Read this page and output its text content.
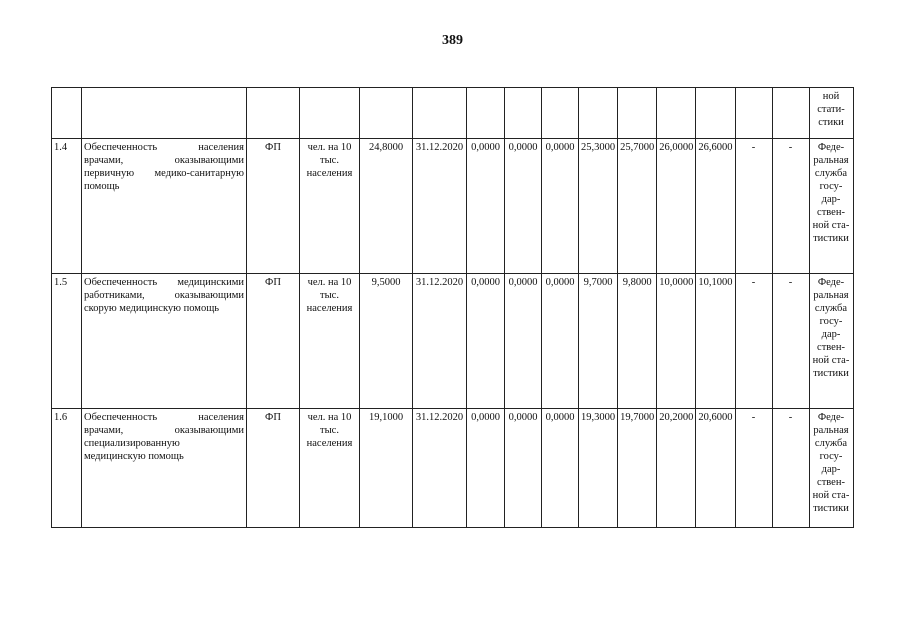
389
															ной стати-стики
1.4	Обеспеченность населения врачами, оказывающими первичную медико-санитарную помощь	ФП	чел. на 10 тыс. населения	24,8000	31.12.2020	0,0000	0,0000	0,0000	25,3000	25,7000	26,0000	26,6000	-	-	Феде-ральная служба госу-дар-ствен-ной ста-тистики
1.5	Обеспеченность медицинскими работниками, оказывающими скорую медицинскую помощь	ФП	чел. на 10 тыс. населения	9,5000	31.12.2020	0,0000	0,0000	0,0000	9,7000	9,8000	10,0000	10,1000	-	-	Феде-ральная служба госу-дар-ствен-ной ста-тистики
1.6	Обеспеченность населения врачами, оказывающими специализированную медицинскую помощь	ФП	чел. на 10 тыс. населения	19,1000	31.12.2020	0,0000	0,0000	0,0000	19,3000	19,7000	20,2000	20,6000	-	-	Феде-ральная служба госу-дар-ствен-ной ста-тистики
